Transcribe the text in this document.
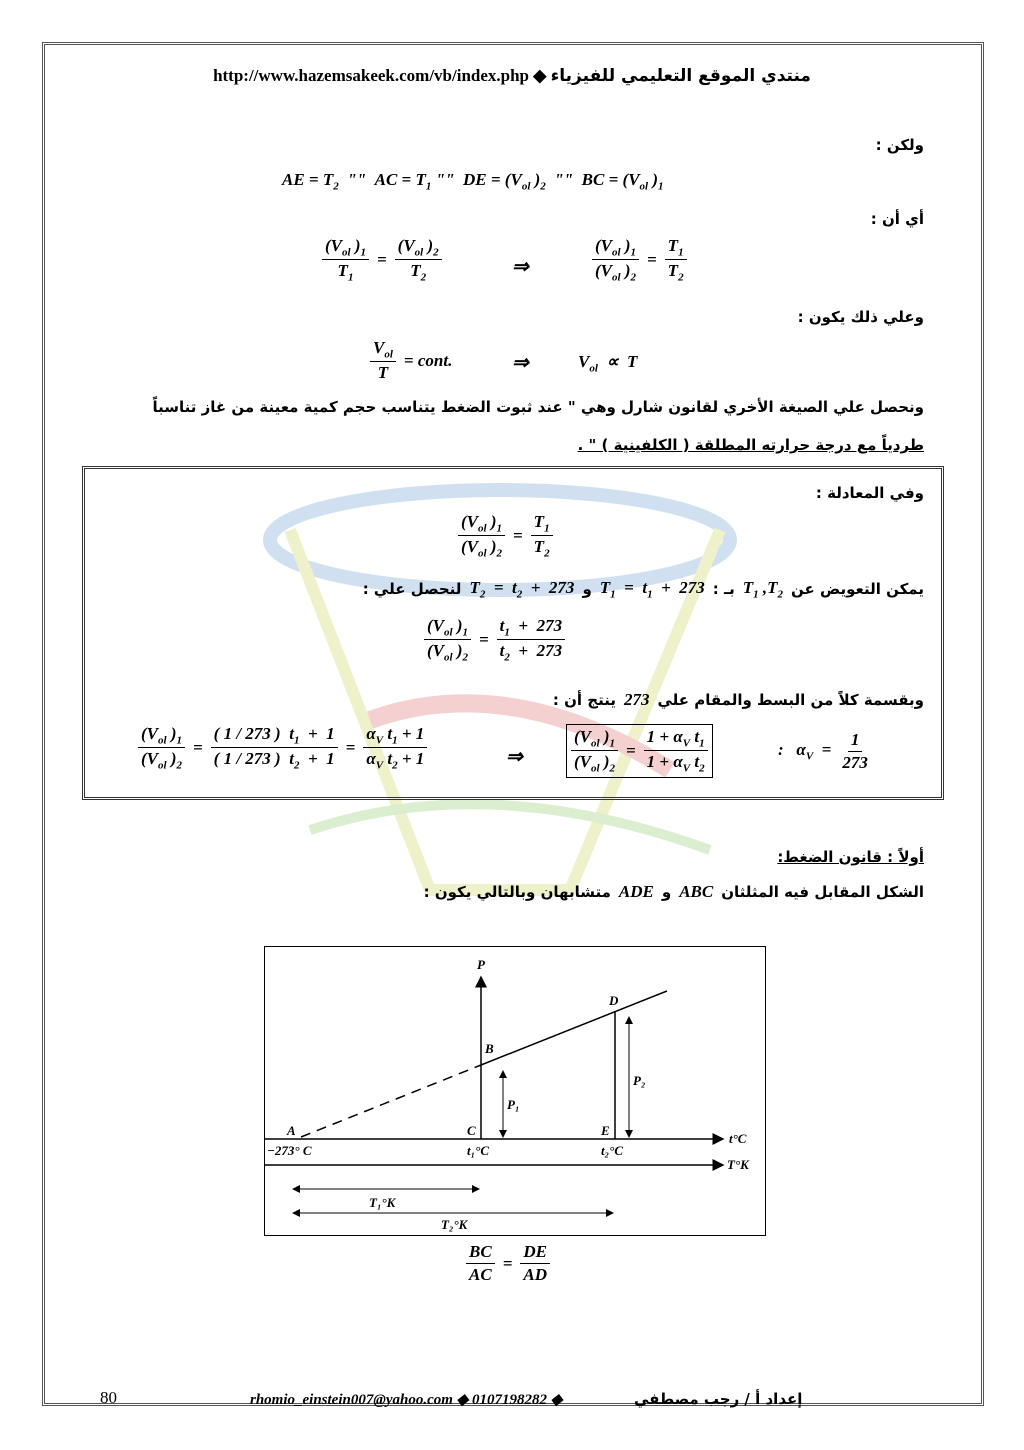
http://www.hazemsakeek.com/vb/index.php ◆ منتدي الموقع التعليمي للفيزياء
ولكن :
AE = $T_2$  ""  AC = $T_1$ ""  DE = ($V_{ol}$ )$_2$  ""  BC = ($V_{ol}$ )$_1$
أي أن :
$\frac{(V_{ol} )_1}{T_1} = \frac{(V_{ol} )_2}{T_2}$	⇒	$\frac{(V_{ol} )_1}{(V_{ol} )_2} = \frac{T_1}{T_2}$
وعلي ذلك يكون :
$\frac{V_{ol}}{T}$ = cont.	⇒	$V_{ol} \propto T$
ونحصل علي الصيغة الأخري لقانون شارل وهي " عند ثبوت الضغط يتناسب حجم كمية معينة من غاز تناسباً
طردياً مع درجة حرارته المطلقة ( الكلفينية ) " .
وفي المعادلة :
$\frac{(V_{ol} )_1}{(V_{ol} )_2} = \frac{T_1}{T_2}$
يمكن التعويض عن
$T_1$ $,T_2$
بـ :
$T_1 = t_1 + 273$
و
$T_2 = t_2 + 273$
لنحصل علي :
$\frac{(V_{ol} )_1}{(V_{ol} )_2} = \frac{t_1 + 273}{t_2 + 273}$
وبقسمة كلاً من البسط والمقام علي
273
ينتج أن :
$\frac{(V_{ol} )_1}{(V_{ol} )_2} = \frac{( 1 / 273 ) t_1 + 1}{( 1 / 273 ) t_2 + 1} = \frac{\alpha_V t_1 + 1}{\alpha_V t_2 + 1}$	⇒	$\frac{(V_{ol} )_1}{(V_{ol} )_2} = \frac{1 + \alpha_V t_1}{1 + \alpha_V t_2}$	:   $\alpha_V = \frac{1}{273}$
أولاً : قانون الضغط:
الشكل المقابل فيه المثلثان
ABC
و
ADE
متشابهان وبالتالي يكون :
P
B
D
A	C	E
P₁
P₂
t°C
T°K
−273° C	t₁°C	t₂°C
T₁°K
T₂°K
$\frac{BC}{AC} = \frac{DE}{AD}$
80	rhomio_einstein007@yahoo.com ◆ 0107198282 ◆	إعداد أ / رجب مصطفي
